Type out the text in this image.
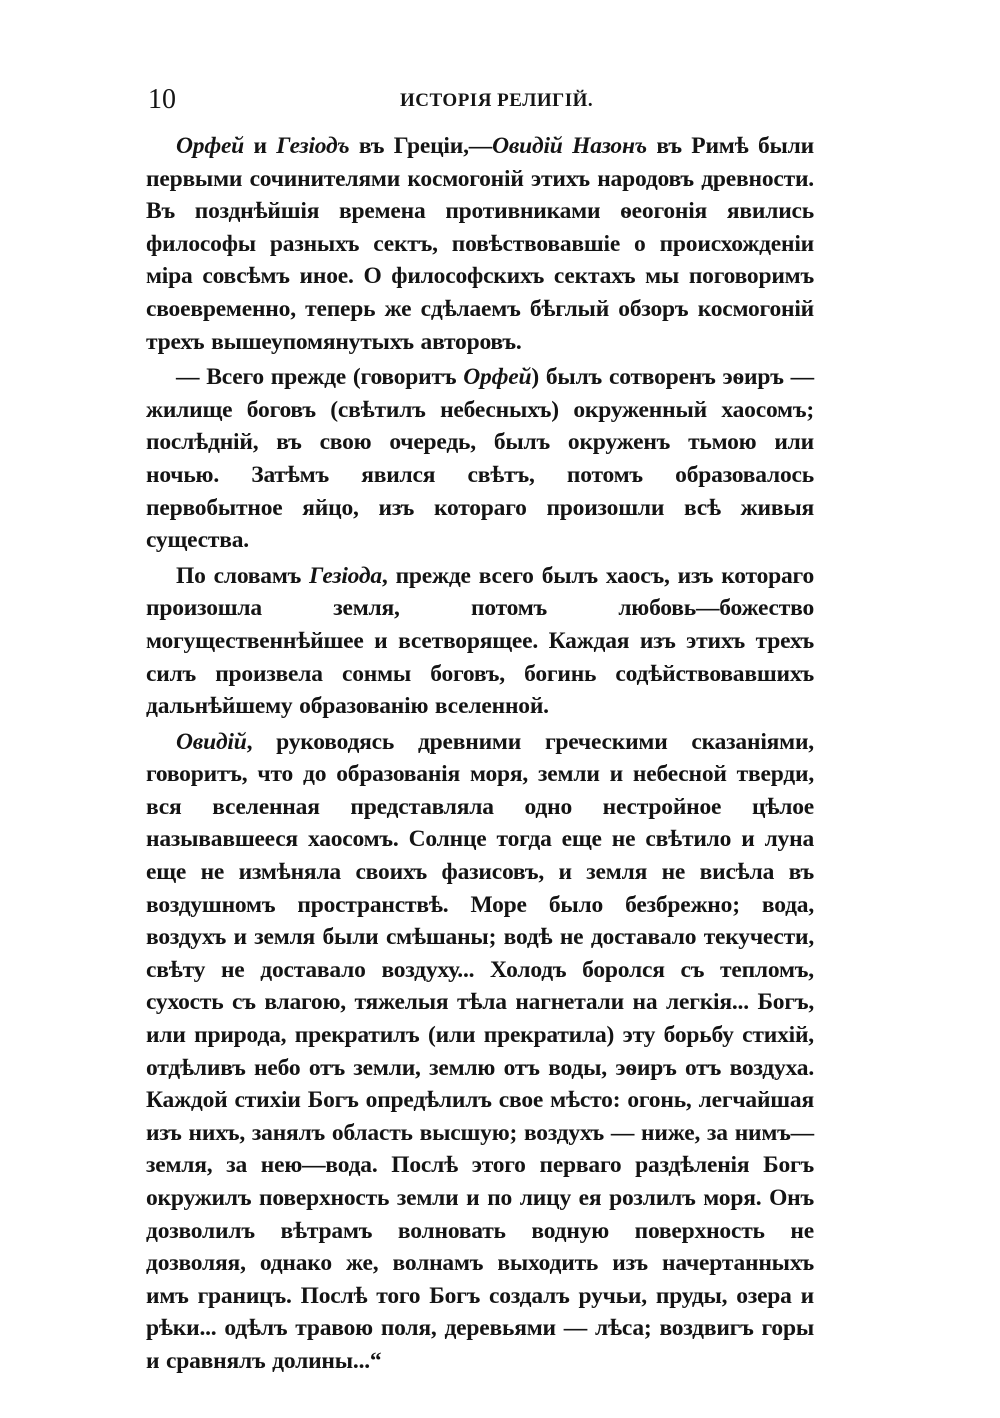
10	ИСТОРІЯ РЕЛИГІЙ.

Орфей и Гезіодъ въ Греціи,—Овидій Назонъ въ Римѣ были первыми сочинителями космогоній этихъ народовъ древности. Въ позднѣйшія времена противниками ѳеогонія явились философы разныхъ сектъ, повѣствовавшіе о происхожденіи міра совсѣмъ иное. О философскихъ сектахъ мы поговоримъ своевременно, теперь же сдѣлаемъ бѣглый обзоръ космогоній трехъ вышеупомянутыхъ авторовъ.

— Всего прежде (говоритъ Орфей) былъ сотворенъ эѳиръ — жилище боговъ (свѣтилъ небесныхъ) окруженный хаосомъ; послѣдній, въ свою очередь, былъ окруженъ тьмою или ночью. Затѣмъ явился свѣтъ, потомъ образовалось первобытное яйцо, изъ котораго произошли всѣ живыя существа.

По словамъ Гезіода, прежде всего былъ хаосъ, изъ котораго произошла земля, потомъ любовь—божество могущественнѣйшее и всетворящее. Каждая изъ этихъ трехъ силъ произвела сонмы боговъ, богинь содѣйствовавшихъ дальнѣйшему образованію вселенной.

Овидій, руководясь древними греческими сказаніями, говоритъ, что до образованія моря, земли и небесной тверди, вся вселенная представляла одно нестройное цѣлое называвшееся хаосомъ. Солнце тогда еще не свѣтило и луна еще не измѣняла своихъ фазисовъ, и земля не висѣла въ воздушномъ пространствѣ. Море было безбрежно; вода, воздухъ и земля были смѣшаны; водѣ не доставало текучести, свѣту не доставало воздуху... Холодъ боролся съ тепломъ, сухость съ влагою, тяжелыя тѣла нагнетали на легкія... Богъ, или природа, прекратилъ (или прекратила) эту борьбу стихій, отдѣливъ небо отъ земли, землю отъ воды, эѳиръ отъ воздуха. Каждой стихіи Богъ опредѣлилъ свое мѣсто: огонь, легчайшая изъ нихъ, занялъ область высшую; воздухъ — ниже, за нимъ—земля, за нею—вода. Послѣ этого перваго раздѣленія Богъ окружилъ поверхность земли и по лицу ея розлилъ моря. Онъ дозволилъ вѣтрамъ волновать водную поверхность не дозволяя, однако же, волнамъ выходить изъ начертанныхъ имъ границъ. Послѣ того Богъ создалъ ручьи, пруды, озера и рѣки... одѣлъ травою поля, деревьями — лѣса; воздвигъ горы и сравнялъ долины...“
